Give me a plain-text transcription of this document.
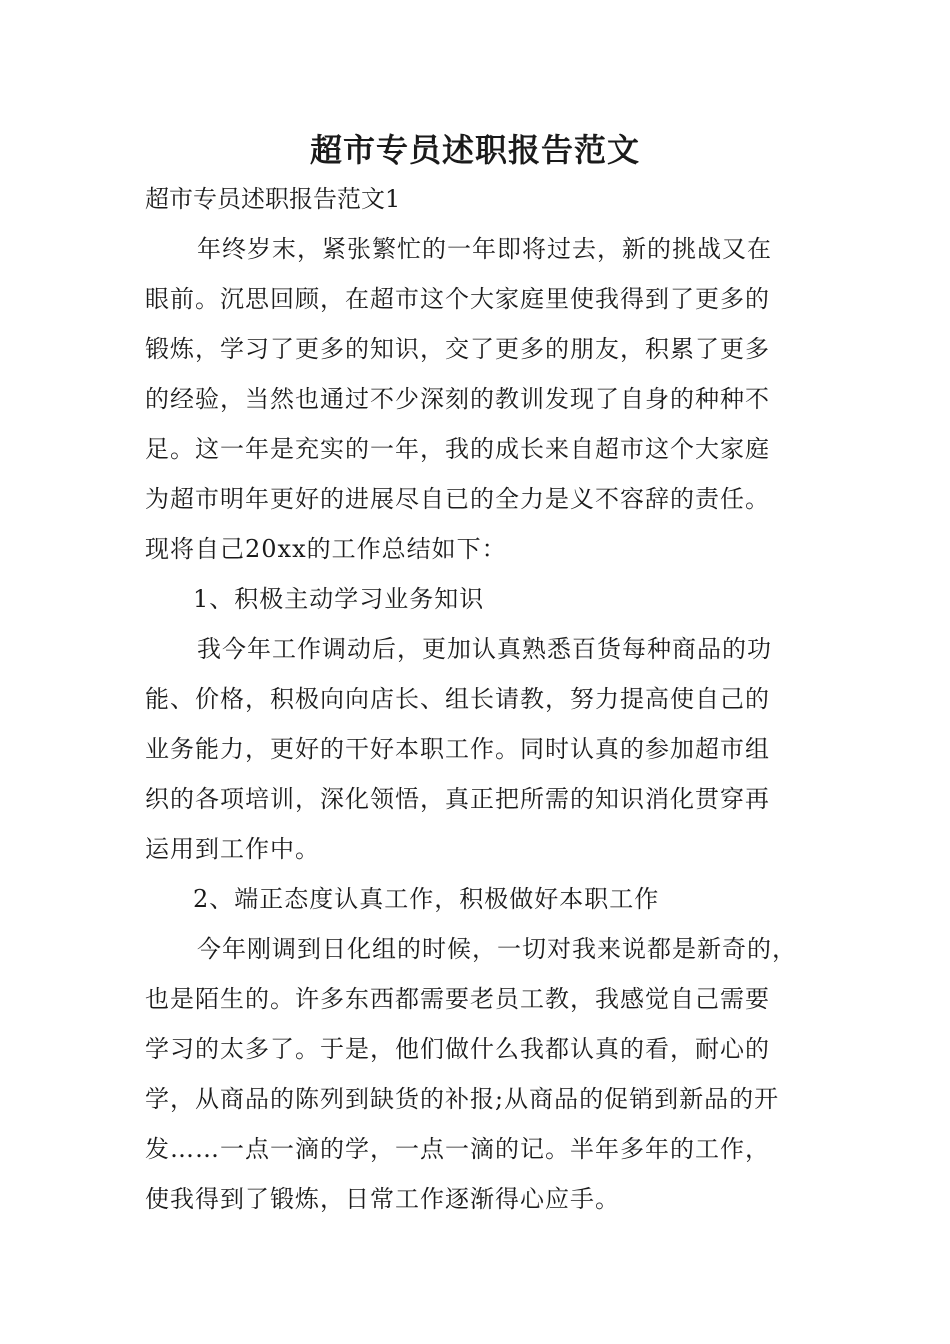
超市专员述职报告范文
超市专员述职报告范文1
年终岁末，紧张繁忙的一年即将过去，新的挑战又在
眼前。沉思回顾，在超市这个大家庭里使我得到了更多的
锻炼，学习了更多的知识，交了更多的朋友，积累了更多
的经验，当然也通过不少深刻的教训发现了自身的种种不
足。这一年是充实的一年，我的成长来自超市这个大家庭
为超市明年更好的进展尽自已的全力是义不容辞的责任。
现将自己20xx的工作总结如下：
1、积极主动学习业务知识
我今年工作调动后，更加认真熟悉百货每种商品的功
能、价格，积极向向店长、组长请教，努力提高使自己的
业务能力，更好的干好本职工作。同时认真的参加超市组
织的各项培训，深化领悟，真正把所需的知识消化贯穿再
运用到工作中。
2、端正态度认真工作，积极做好本职工作
今年刚调到日化组的时候，一切对我来说都是新奇的，
也是陌生的。许多东西都需要老员工教，我感觉自己需要
学习的太多了。于是，他们做什么我都认真的看，耐心的
学，从商品的陈列到缺货的补报;从商品的促销到新品的开
发……一点一滴的学，一点一滴的记。半年多年的工作，
使我得到了锻炼，日常工作逐渐得心应手。
